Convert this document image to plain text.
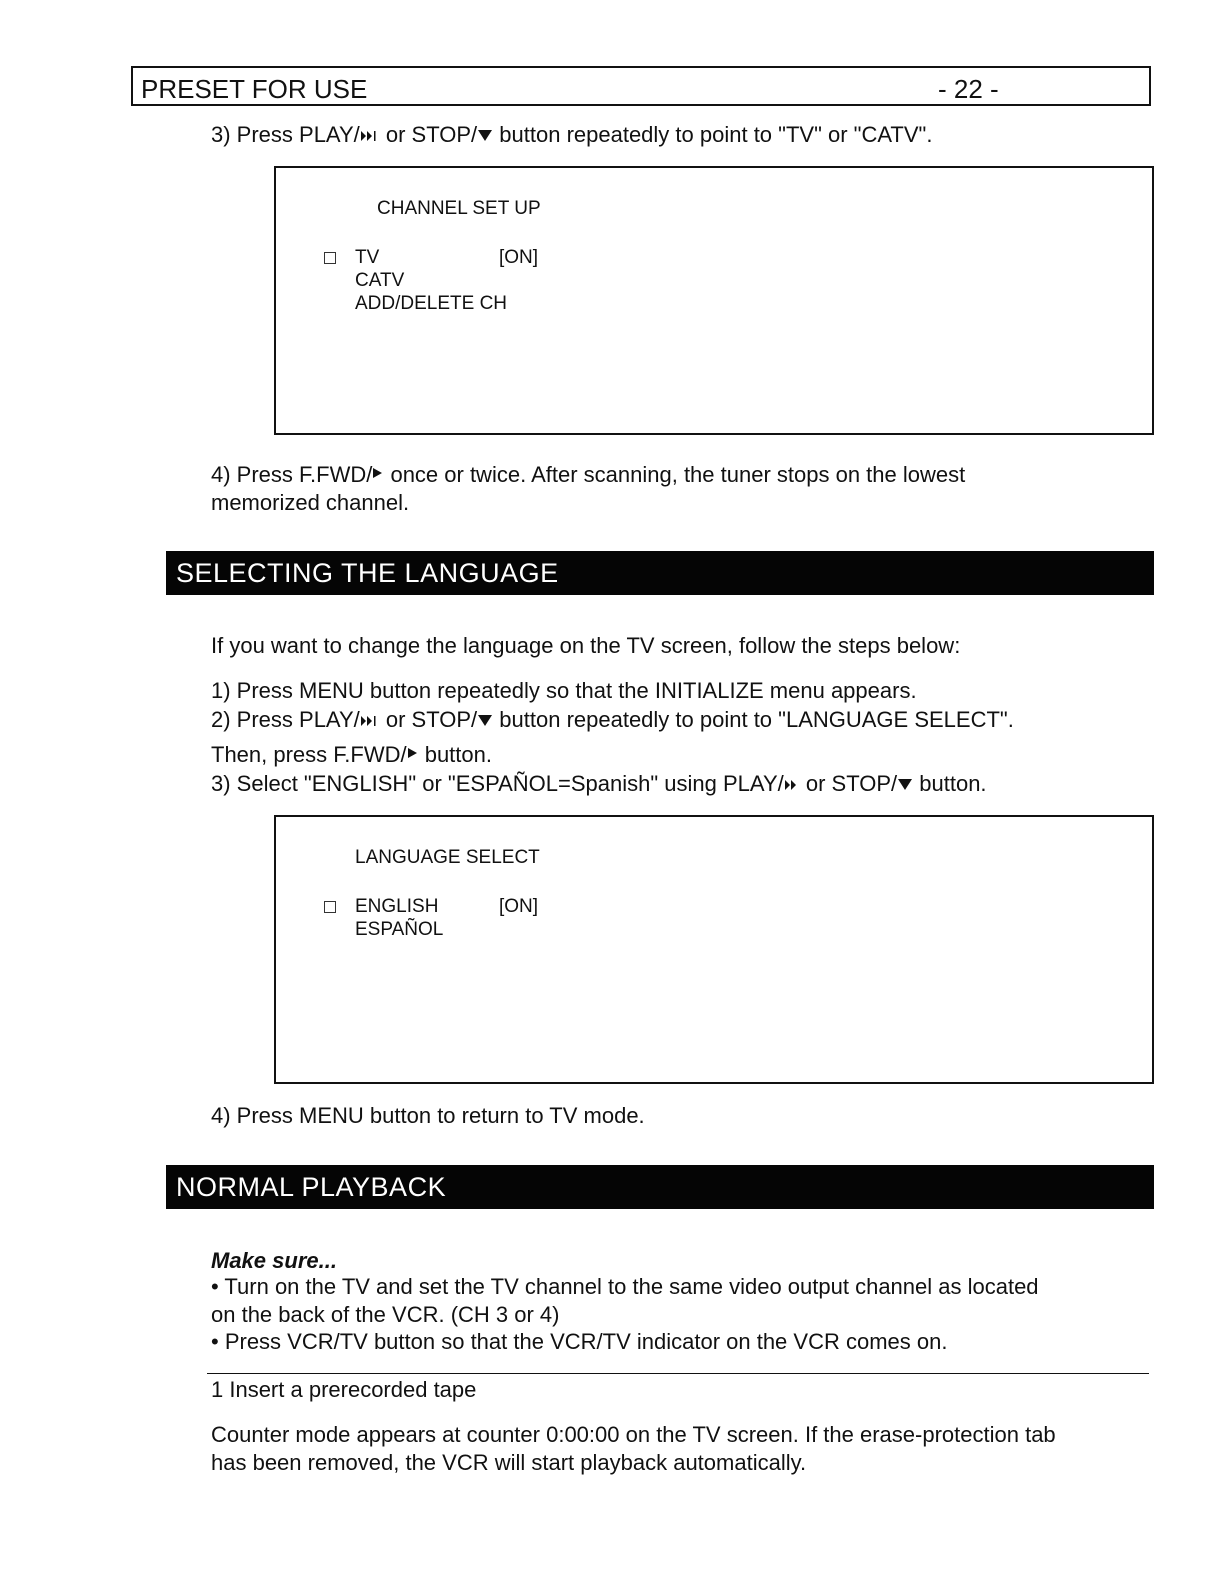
PRESET FOR USE	- 22 -
3) Press PLAY/ or STOP/ button repeatedly to point to "TV" or "CATV".
CHANNEL SET UP
TV	[ON]
CATV
ADD/DELETE CH
4) Press F.FWD/ once or twice. After scanning, the tuner stops on the lowest
memorized channel.
SELECTING THE LANGUAGE
If you want to change the language on the TV screen, follow the steps below:
1) Press MENU button repeatedly so that the INITIALIZE menu appears.
2) Press PLAY/ or STOP/ button repeatedly to point to "LANGUAGE SELECT".
Then, press F.FWD/ button.
3) Select "ENGLISH" or "ESPAÑOL=Spanish" using PLAY/ or STOP/ button.
LANGUAGE SELECT
ENGLISH	[ON]
ESPAÑOL
4) Press MENU button to return to TV mode.
NORMAL PLAYBACK
Make sure...
• Turn on the TV and set the TV channel to the same video output channel as located
on the back of the VCR. (CH 3 or 4)
• Press VCR/TV button so that the VCR/TV indicator on the VCR comes on.
1 Insert a prerecorded tape
Counter mode appears at counter 0:00:00 on the TV screen. If the erase-protection tab
has been removed, the VCR will start playback automatically.
